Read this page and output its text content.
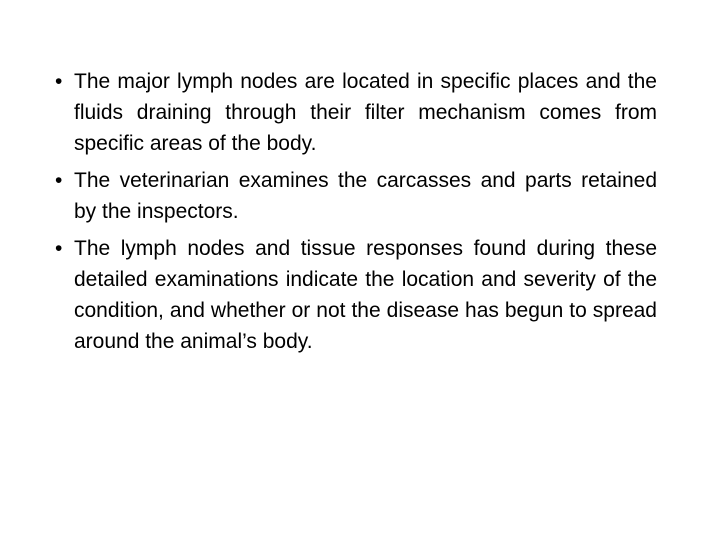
• The major lymph nodes are located in specific places and the fluids draining through their filter mechanism comes from specific areas of the body.
• The veterinarian examines the carcasses and parts retained by the inspectors.
• The lymph nodes and tissue responses found during these detailed examinations indicate the location and severity of the condition, and whether or not the disease has begun to spread around the animal’s body.
